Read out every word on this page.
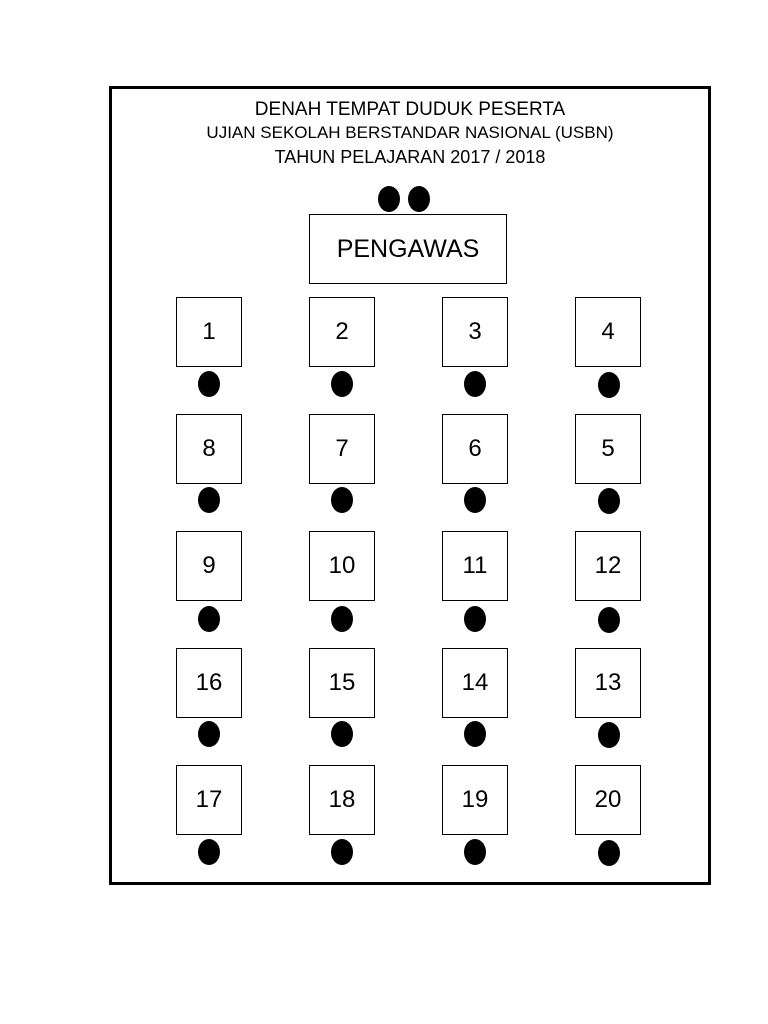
DENAH TEMPAT DUDUK PESERTA
UJIAN SEKOLAH BERSTANDAR NASIONAL (USBN)
TAHUN PELAJARAN 2017 / 2018
PENGAWAS
1	2	3	4
8	7	6	5
9	10	11	12
16	15	14	13
17	18	19	20
